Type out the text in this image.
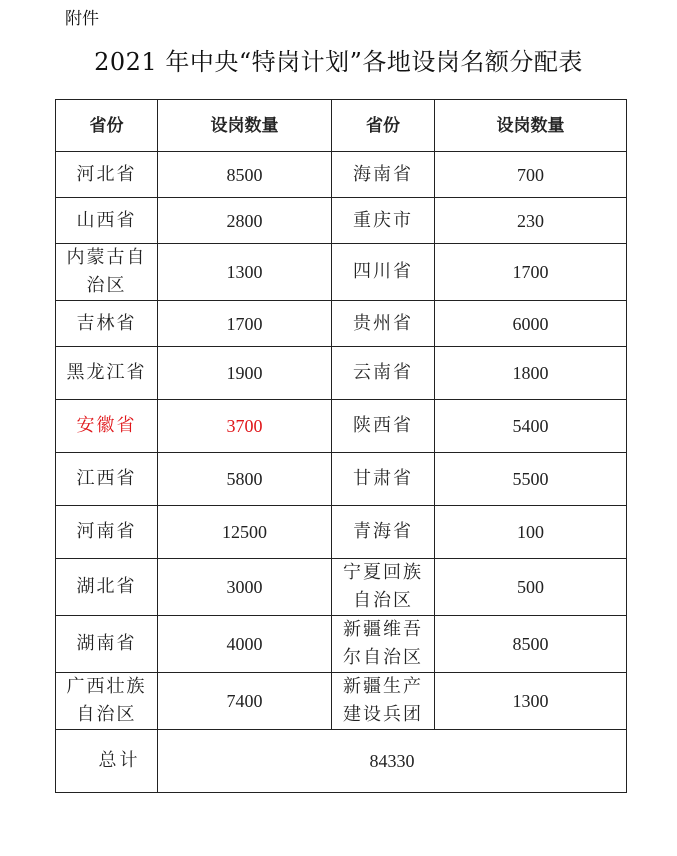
附件
2021 年中央“特岗计划”各地设岗名额分配表
省份	设岗数量	省份	设岗数量
河北省	8500	海南省	700
山西省	2800	重庆市	230
内蒙古自治区	1300	四川省	1700
吉林省	1700	贵州省	6000
黑龙江省	1900	云南省	1800
安徽省	3700	陕西省	5400
江西省	5800	甘肃省	5500
河南省	12500	青海省	100
湖北省	3000	宁夏回族自治区	500
湖南省	4000	新疆维吾尔自治区	8500
广西壮族自治区	7400	新疆生产建设兵团	1300
总计	84330		
